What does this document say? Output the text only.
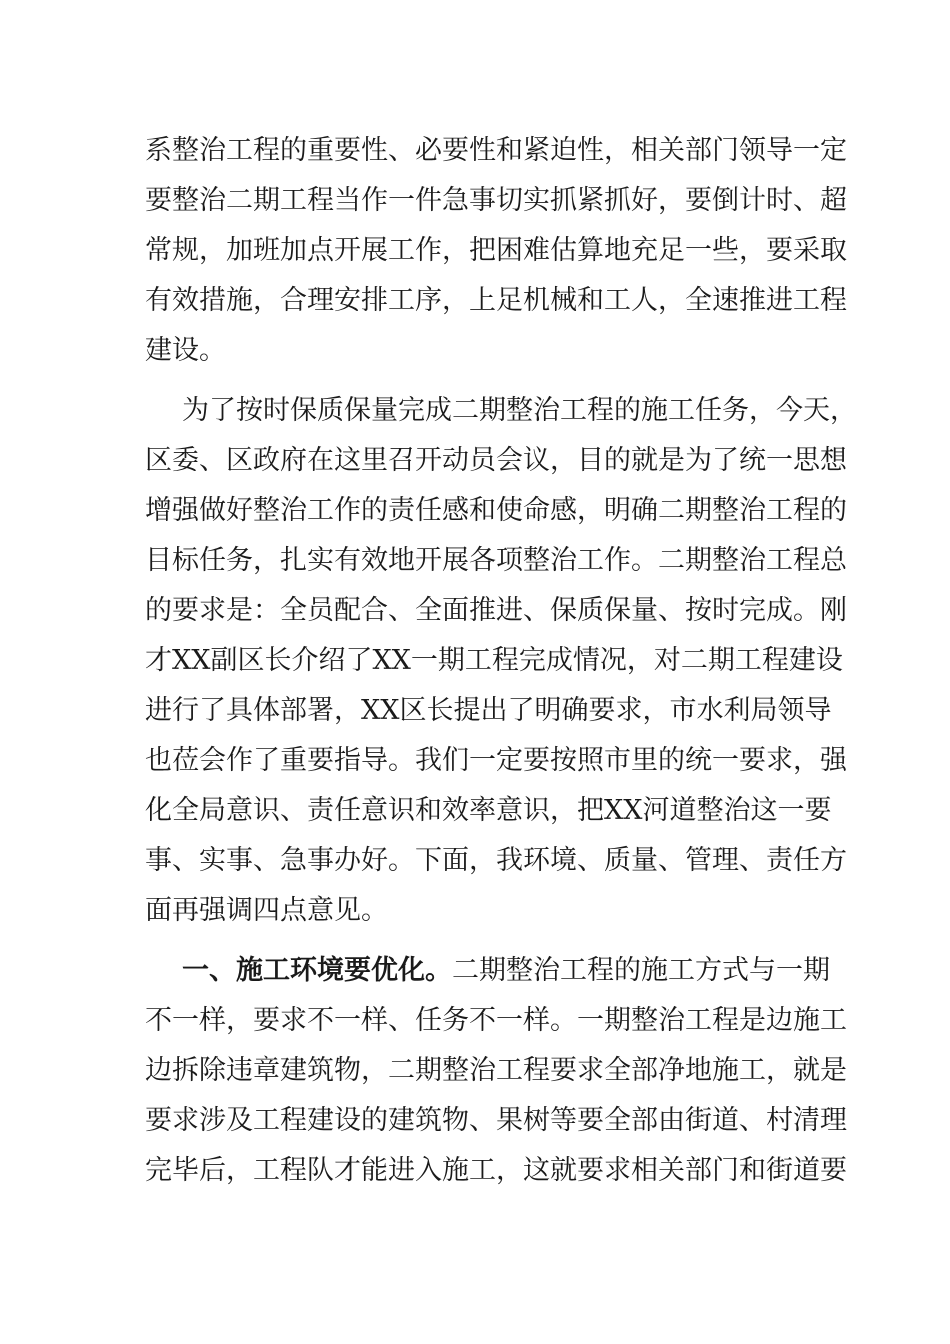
系整治工程的重要性、必要性和紧迫性，相关部门领导一定
要整治二期工程当作一件急事切实抓紧抓好，要倒计时、超
常规，加班加点开展工作，把困难估算地充足一些，要采取
有效措施，合理安排工序，上足机械和工人，全速推进工程
建设。
为了按时保质保量完成二期整治工程的施工任务，今天，
区委、区政府在这里召开动员会议，目的就是为了统一思想
增强做好整治工作的责任感和使命感，明确二期整治工程的
目标任务，扎实有效地开展各项整治工作。二期整治工程总
的要求是：全员配合、全面推进、保质保量、按时完成。刚
才XX副区长介绍了XX一期工程完成情况，对二期工程建设
进行了具体部署，XX区长提出了明确要求，市水利局领导
也莅会作了重要指导。我们一定要按照市里的统一要求，强
化全局意识、责任意识和效率意识，把XX河道整治这一要
事、实事、急事办好。下面，我环境、质量、管理、责任方
面再强调四点意见。
一、施工环境要优化。二期整治工程的施工方式与一期
不一样，要求不一样、任务不一样。一期整治工程是边施工
边拆除违章建筑物，二期整治工程要求全部净地施工，就是
要求涉及工程建设的建筑物、果树等要全部由街道、村清理
完毕后，工程队才能进入施工，这就要求相关部门和街道要
